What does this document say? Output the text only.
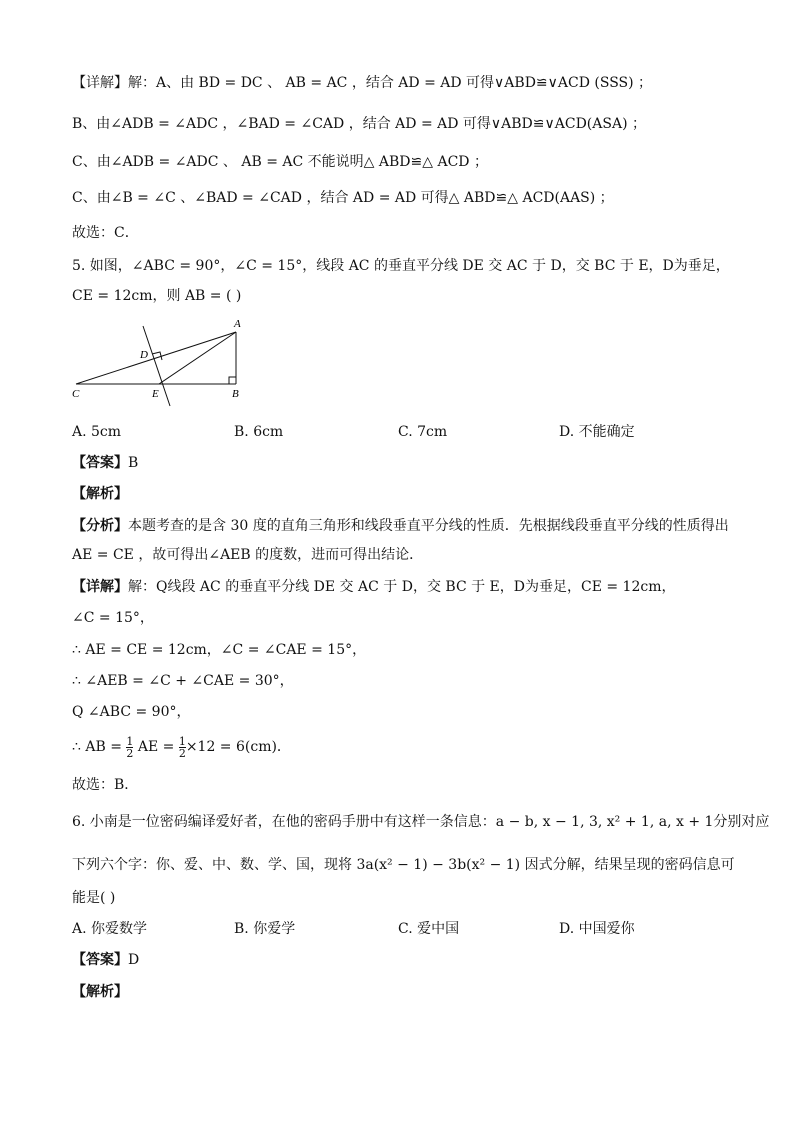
【详解】解：A、由 BD = DC 、 AB = AC ，结合 AD = AD 可得∨ABD≌∨ACD (SSS) ；
B、由∠ADB = ∠ADC ，∠BAD = ∠CAD ，结合 AD = AD 可得∨ABD≌∨ACD(ASA) ；
C、由∠ADB = ∠ADC 、 AB = AC 不能说明△ ABD≌△ ACD ；
C、由∠B = ∠C 、∠BAD = ∠CAD ，结合 AD = AD 可得△ ABD≌△ ACD(AAS) ；
故选：C．
5. 如图，∠ABC = 90°，∠C = 15°，线段 AC 的垂直平分线 DE 交 AC 于 D，交 BC 于 E，D为垂足，
CE = 12cm，则 AB = ( )
A
D
C	E	B
A. 5cm	B. 6cm	C. 7cm	D. 不能确定
【答案】B
【解析】
【分析】本题考查的是含 30 度的直角三角形和线段垂直平分线的性质．先根据线段垂直平分线的性质得出
AE = CE ，故可得出∠AEB 的度数，进而可得出结论．
【详解】解：Q线段 AC 的垂直平分线 DE 交 AC 于 D，交 BC 于 E，D为垂足，CE = 12cm，
∠C = 15°，
∴ AE = CE = 12cm，∠C = ∠CAE = 15°，
∴ ∠AEB = ∠C + ∠CAE = 30°，
Q ∠ABC = 90°，
∴ AB = $\frac{1}{2}$ AE = $\frac{1}{2} \times 12 = 6(cm)$．
故选：B．
6. 小南是一位密码编译爱好者，在他的密码手册中有这样一条信息：a − b, x − 1, 3, x² + 1, a, x + 1分别对应
下列六个字：你、爱、中、数、学、国，现将 3a(x² − 1) − 3b(x² − 1) 因式分解，结果呈现的密码信息可
能是( )
A. 你爱数学	B. 你爱学	C. 爱中国	D. 中国爱你
【答案】D
【解析】
